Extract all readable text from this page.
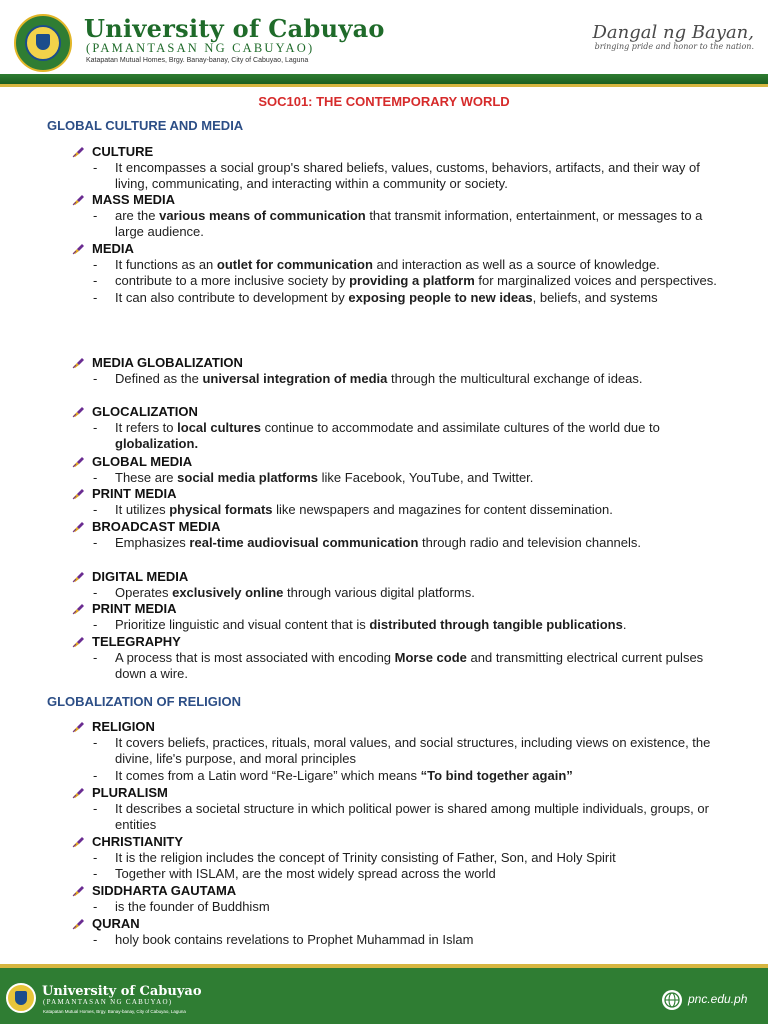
University of Cabuyao
(PAMANTASAN NG CABUYAO)
Katapatan Mutual Homes, Brgy. Banay-banay, City of Cabuyao, Laguna
Dangal ng Bayan,
bringing pride and honor to the nation.
SOC101: THE CONTEMPORARY WORLD
GLOBAL CULTURE AND MEDIA
CULTURE
- It encompasses a social group's shared beliefs, values, customs, behaviors, artifacts, and their way of living, communicating, and interacting within a community or society.
MASS MEDIA
- are the various means of communication that transmit information, entertainment, or messages to a large audience.
MEDIA
- It functions as an outlet for communication and interaction as well as a source of knowledge.
- contribute to a more inclusive society by providing a platform for marginalized voices and perspectives.
- It can also contribute to development by exposing people to new ideas, beliefs, and systems
MEDIA GLOBALIZATION
- Defined as the universal integration of media through the multicultural exchange of ideas.
GLOCALIZATION
- It refers to local cultures continue to accommodate and assimilate cultures of the world due to globalization.
GLOBAL MEDIA
- These are social media platforms like Facebook, YouTube, and Twitter.
PRINT MEDIA
- It utilizes physical formats like newspapers and magazines for content dissemination.
BROADCAST MEDIA
- Emphasizes real-time audiovisual communication through radio and television channels.
DIGITAL MEDIA
- Operates exclusively online through various digital platforms.
PRINT MEDIA
- Prioritize linguistic and visual content that is distributed through tangible publications.
TELEGRAPHY
- A process that is most associated with encoding Morse code and transmitting electrical current pulses down a wire.
GLOBALIZATION OF RELIGION
RELIGION
- It covers beliefs, practices, rituals, moral values, and social structures, including views on existence, the divine, life's purpose, and moral principles
- It comes from a Latin word “Re-Ligare” which means “To bind together again”
PLURALISM
- It describes a societal structure in which political power is shared among multiple individuals, groups, or entities
CHRISTIANITY
- It is the religion includes the concept of Trinity consisting of Father, Son, and Holy Spirit
- Together with ISLAM, are the most widely spread across the world
SIDDHARTA GAUTAMA
- is the founder of Buddhism
QURAN
- holy book contains revelations to Prophet Muhammad in Islam
University of Cabuyao
(PAMANTASAN NG CABUYAO)
Katapatan Mutual Homes, Brgy. Banay-banay, City of Cabuyao, Laguna
pnc.edu.ph
